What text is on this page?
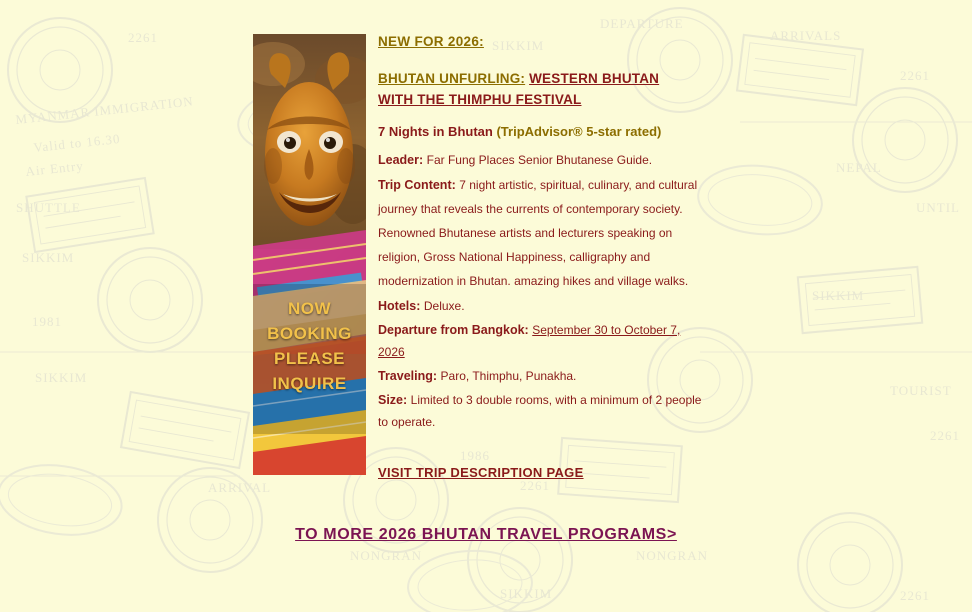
SIKKIM
SIKKIM
SIKKIM
SIKKIM
SIKKIM
MYANMAR IMMIGRATION
Valid to 16.30
Air Entry
ARRIVALS
2261
NEPAL
SHUTTLE	UNTIL
TOURIST
2261
ARRIVAL
1986
2261
NONGRAN
NONGRAN
1981
2261
2261
DEPARTURE
NOW
BOOKING
PLEASE
INQUIRE
NEW FOR 2026:
BHUTAN UNFURLING: WESTERN BHUTAN
WITH THE THIMPHU FESTIVAL
7 Nights in Bhutan (TripAdvisor® 5-star rated)
Leader: Far Fung Places Senior Bhutanese Guide.
Trip Content: 7 night artistic, spiritual, culinary, and cultural journey that reveals the currents of contemporary society. Renowned Bhutanese artists and lecturers speaking on religion, Gross National Happiness, calligraphy and modernization in Bhutan. amazing hikes and village walks.
Hotels: Deluxe.
Departure from Bangkok: September 30 to October 7, 2026
Traveling: Paro, Thimphu, Punakha.
Size: Limited to 3 double rooms, with a minimum of 2 people to operate.
VISIT TRIP DESCRIPTION PAGE
TO MORE 2026 BHUTAN TRAVEL PROGRAMS>
